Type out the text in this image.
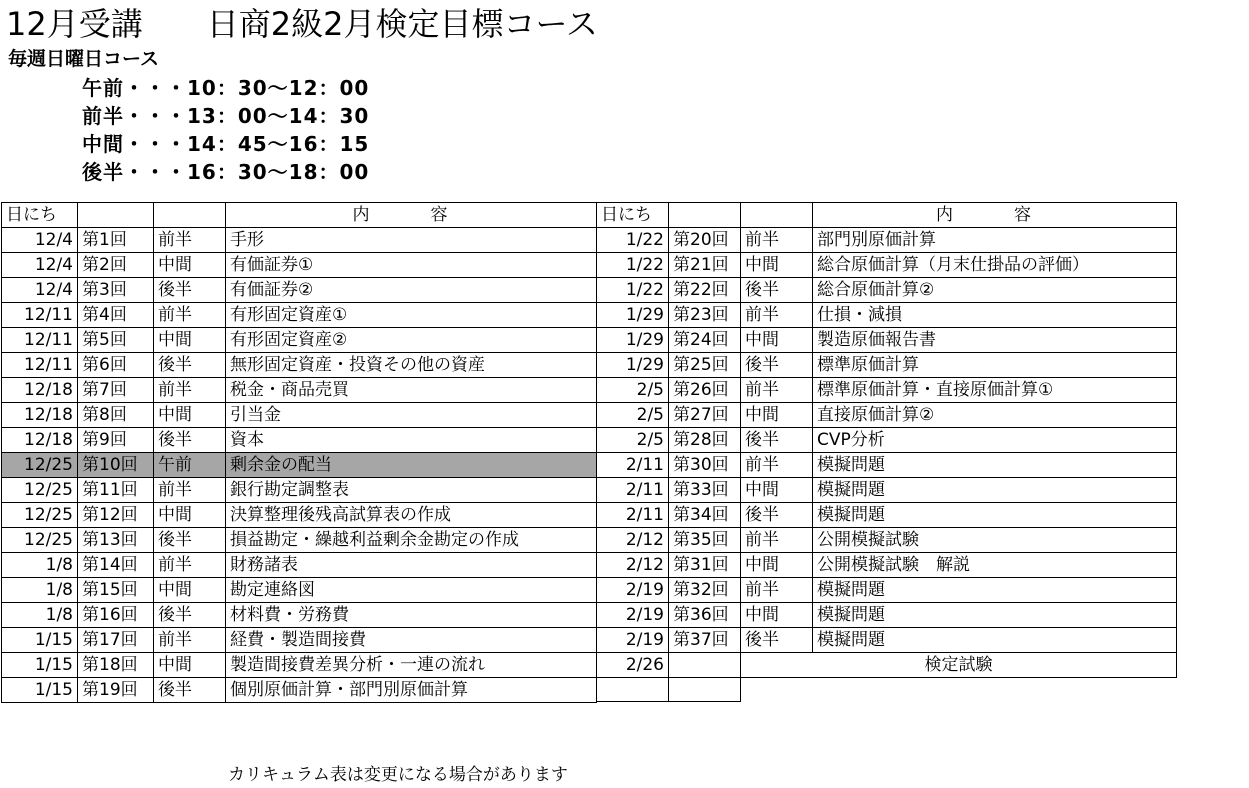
12月受講　　日商2級2月検定目標コース
毎週日曜日コース
午前・・・10：30～12：00
前半・・・13：00～14：30
中間・・・14：45～16：15
後半・・・16：30～18：00
日にち			内　容
12/4	第1回	前半	手形
12/4	第2回	中間	有価証券①
12/4	第3回	後半	有価証券②
12/11	第4回	前半	有形固定資産①
12/11	第5回	中間	有形固定資産②
12/11	第6回	後半	無形固定資産・投資その他の資産
12/18	第7回	前半	税金・商品売買
12/18	第8回	中間	引当金
12/18	第9回	後半	資本
12/25	第10回	午前	剰余金の配当
12/25	第11回	前半	銀行勘定調整表
12/25	第12回	中間	決算整理後残高試算表の作成
12/25	第13回	後半	損益勘定・繰越利益剰余金勘定の作成
1/8	第14回	前半	財務諸表
1/8	第15回	中間	勘定連絡図
1/8	第16回	後半	材料費・労務費
1/15	第17回	前半	経費・製造間接費
1/15	第18回	中間	製造間接費差異分析・一連の流れ
1/15	第19回	後半	個別原価計算・部門別原価計算
日にち			内　容
1/22	第20回	前半	部門別原価計算
1/22	第21回	中間	総合原価計算（月末仕掛品の評価）
1/22	第22回	後半	総合原価計算②
1/29	第23回	前半	仕損・減損
1/29	第24回	中間	製造原価報告書
1/29	第25回	後半	標準原価計算
2/5	第26回	前半	標準原価計算・直接原価計算①
2/5	第27回	中間	直接原価計算②
2/5	第28回	後半	CVP分析
2/11	第30回	前半	模擬問題
2/11	第33回	中間	模擬問題
2/11	第34回	後半	模擬問題
2/12	第35回	前半	公開模擬試験
2/12	第31回	中間	公開模擬試験　解説
2/19	第32回	前半	模擬問題
2/19	第36回	中間	模擬問題
2/19	第37回	後半	模擬問題
2/26		検定試験	

カリキュラム表は変更になる場合があります
